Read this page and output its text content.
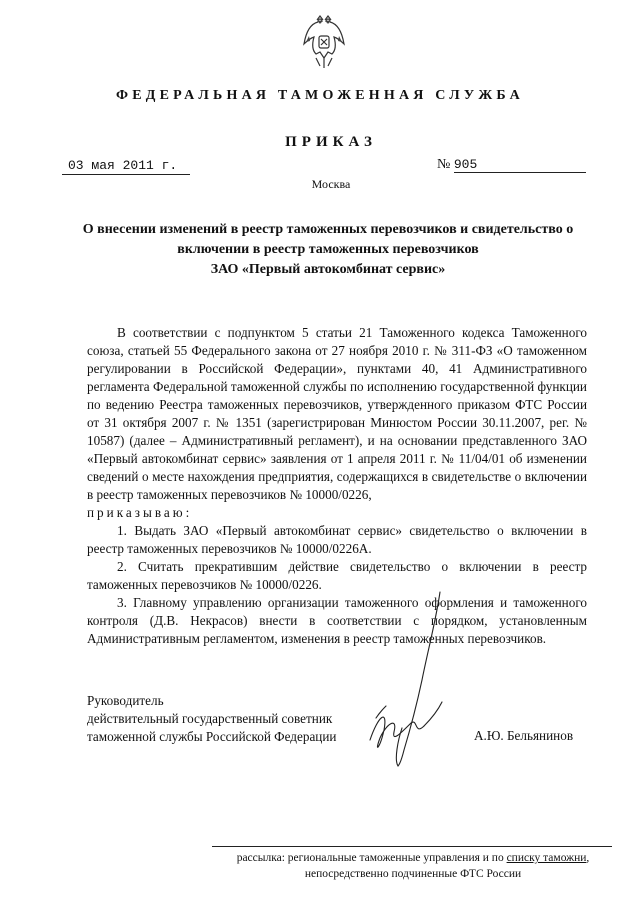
ФЕДЕРАЛЬНАЯ ТАМОЖЕННАЯ СЛУЖБА
ПРИКАЗ
03 мая 2011 г.	№ 905
Москва
О внесении изменений в реестр таможенных перевозчиков и свидетельство о
включении в реестр таможенных перевозчиков
ЗАО «Первый автокомбинат сервис»

В соответствии с подпунктом 5 статьи 21 Таможенного кодекса Таможенного союза, статьей 55 Федерального закона от 27 ноября 2010 г. № 311-ФЗ «О таможенном регулировании в Российской Федерации», пунктами 40, 41 Административного регламента Федеральной таможенной службы по исполнению государственной функции по ведению Реестра таможенных перевозчиков, утвержденного приказом ФТС России от 31 октября 2007 г. № 1351 (зарегистрирован Минюстом России 30.11.2007, рег. № 10587) (далее – Административный регламент), и на основании представленного ЗАО «Первый автокомбинат сервис» заявления от 1 апреля 2011 г. № 11/04/01 об изменении сведений о месте нахождения предприятия, содержащихся в свидетельстве о включении в реестр таможенных перевозчиков № 10000/0226,

приказываю:

1. Выдать ЗАО «Первый автокомбинат сервис» свидетельство о включении в реестр таможенных перевозчиков № 10000/0226А.

2. Считать прекратившим действие свидетельство о включении в реестр таможенных перевозчиков № 10000/0226.

3. Главному управлению организации таможенного оформления и таможенного контроля (Д.В. Некрасов) внести в соответствии с порядком, установленным Административным регламентом, изменения в реестр таможенных перевозчиков.

Руководитель
действительный государственный советник
таможенной службы Российской Федерации	А.Ю. Бельянинов
рассылка: региональные таможенные управления и по списку таможни,
непосредственно подчиненные ФТС России
